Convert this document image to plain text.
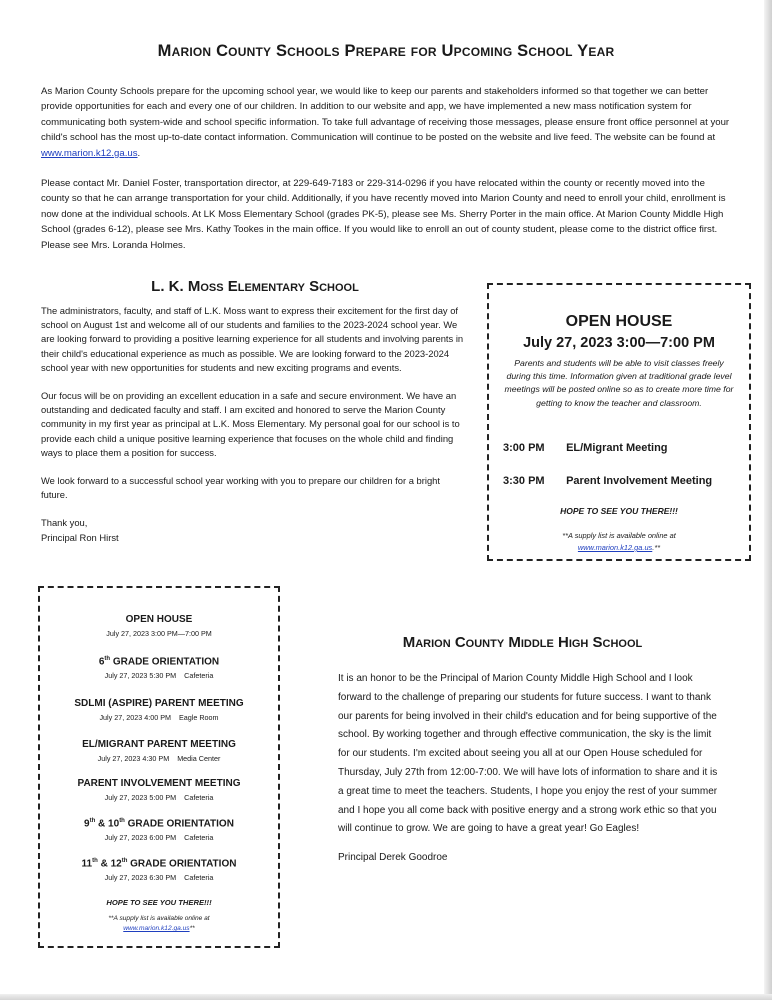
Marion County Schools Prepare for Upcoming School Year

As Marion County Schools prepare for the upcoming school year, we would like to keep our parents and stakeholders informed so that together we can better provide opportunities for each and every one of our children. In addition to our website and app, we have implemented a new mass notification system for communicating both system-wide and school specific information. To take full advantage of receiving those messages, please ensure front office personnel at your child's school has the most up-to-date contact information. Communication will continue to be posted on the website and live feed. The website can be found at www.marion.k12.ga.us.

Please contact Mr. Daniel Foster, transportation director, at 229-649-7183 or 229-314-0296 if you have relocated within the county or recently moved into the county so that he can arrange transportation for your child. Additionally, if you have recently moved into Marion County and need to enroll your child, enrollment is now done at the individual schools. At LK Moss Elementary School (grades PK-5), please see Ms. Sherry Porter in the main office. At Marion County Middle High School (grades 6-12), please see Mrs. Kathy Tookes in the main office. If you would like to enroll an out of county student, please come to the district office first. Please see Mrs. Loranda Holmes.

L. K. Moss Elementary School

The administrators, faculty, and staff of L.K. Moss want to express their excitement for the first day of school on August 1st and welcome all of our students and families to the 2023-2024 school year. We are looking forward to providing a positive learning experience for all students and involving parents in their child's educational experience as much as possible. We are looking forward to the 2023-2024 school year with new opportunities for students and new exciting programs and events.

Our focus will be on providing an excellent education in a safe and secure environment. We have an outstanding and dedicated faculty and staff. I am excited and honored to serve the Marion County community in my first year as principal at L.K. Moss Elementary. My personal goal for our school is to provide each child a unique positive learning experience that focuses on the whole child and finding ways to place them a position for success.

We look forward to a successful school year working with you to prepare our children for a bright future.

Thank you,

Principal Ron Hirst

OPEN HOUSE

July 27, 2023 3:00—7:00 PM

Parents and students will be able to visit classes freely during this time. Information given at traditional grade level meetings will be posted online so as to create more time for getting to know the teacher and classroom.

3:00 PM EL/Migrant Meeting

3:30 PM Parent Involvement Meeting

HOPE TO SEE YOU THERE!!!

**A supply list is available online at
www.marion.k12.ga.us.**

OPEN HOUSE

July 27, 2023 3:00 PM—7:00 PM

6th GRADE ORIENTATION

July 27, 2023 5:30 PM Cafeteria

SDLMI (ASPIRE) PARENT MEETING

July 27, 2023 4:00 PM Eagle Room

EL/MIGRANT PARENT MEETING

July 27, 2023 4:30 PM Media Center

PARENT INVOLVEMENT MEETING

July 27, 2023 5:00 PM Cafeteria

9th & 10th GRADE ORIENTATION

July 27, 2023 6:00 PM Cafeteria

11th & 12th GRADE ORIENTATION

July 27, 2023 6:30 PM Cafeteria

HOPE TO SEE YOU THERE!!!

**A supply list is available online at
www.marion.k12.ga.us**

Marion County Middle High School

It is an honor to be the Principal of Marion County Middle High School and I look forward to the challenge of preparing our students for future success. I want to thank our parents for being involved in their child's education and for being supportive of the school. By working together and through effective communication, the sky is the limit for our students. I'm excited about seeing you all at our Open House scheduled for Thursday, July 27th from 12:00-7:00. We will have lots of information to share and it is a great time to meet the teachers. Students, I hope you enjoy the rest of your summer and I hope you all come back with positive energy and a strong work ethic so that you will continue to grow. We are going to have a great year! Go Eagles!

Principal Derek Goodroe
